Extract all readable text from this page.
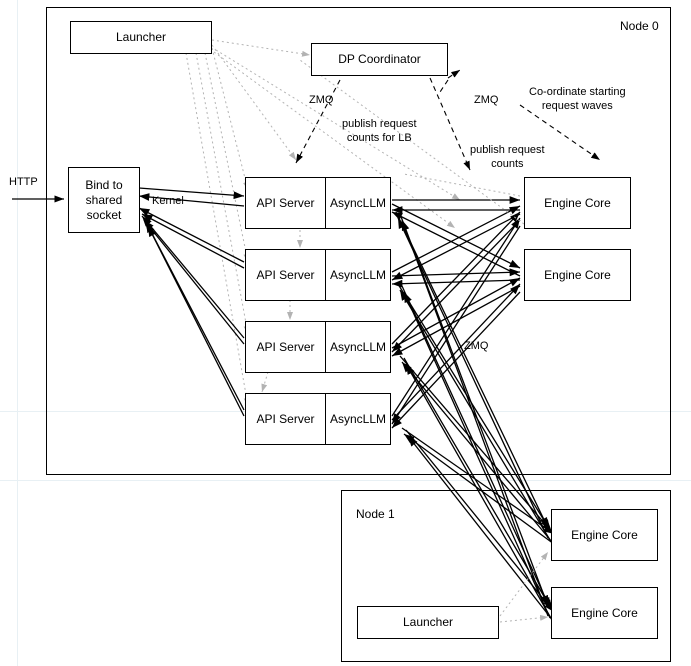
Node 0
Node 1
Launcher
DP Coordinator
Bind to
shared
socket
API Server	AsyncLLM
API Server	AsyncLLM
API Server	AsyncLLM
API Server	AsyncLLM
Engine Core
Engine Core
Engine Core
Engine Core
Launcher
HTTP
Kernel
ZMQ	ZMQ
ZMQ
publish request
counts for LB
publish request
counts
Co-ordinate starting
request waves
